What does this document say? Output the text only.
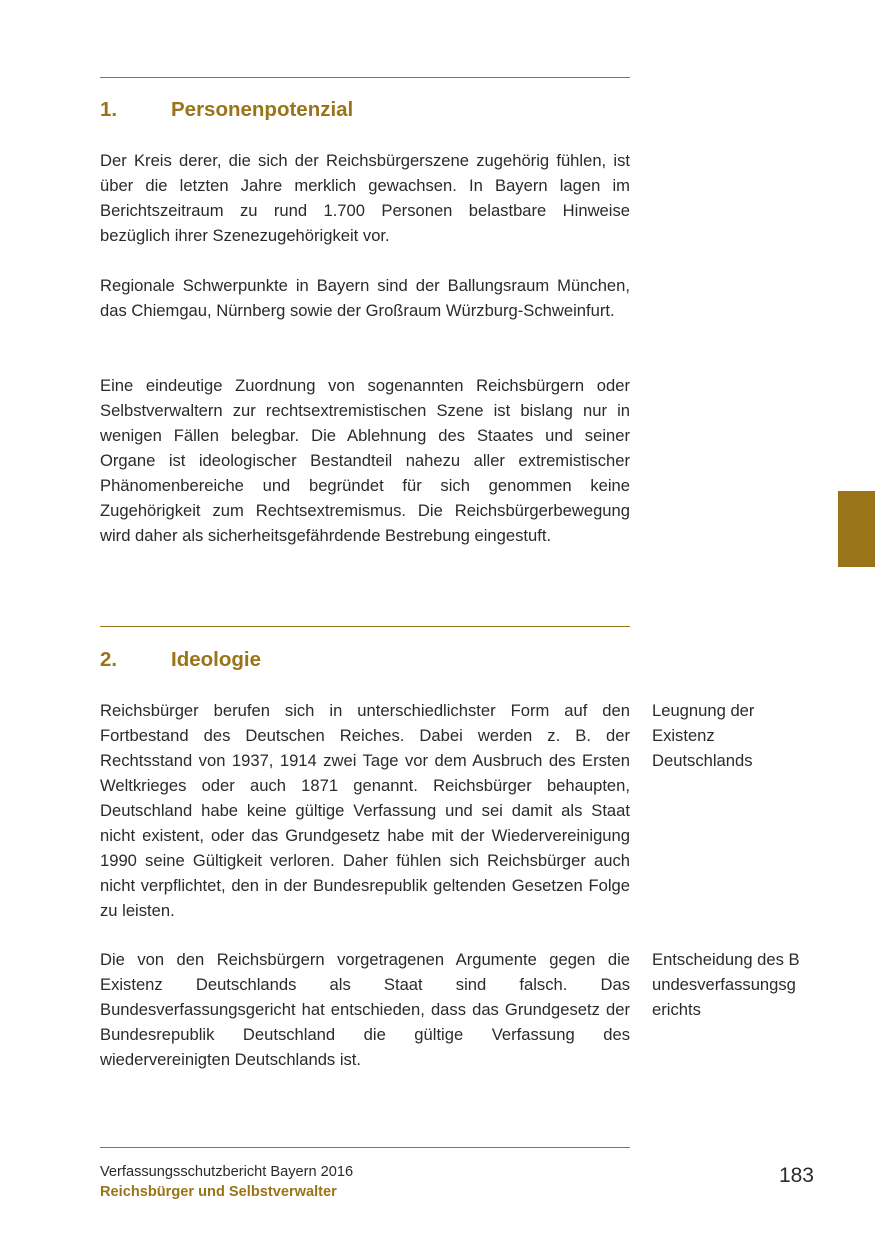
1.	Personenpotenzial

Der Kreis derer, die sich der Reichsbürgerszene zugehörig fühlen, ist über die letzten Jahre merklich gewachsen. In Bayern lagen im Berichtszeitraum zu rund 1.700 Personen belastbare Hinweise bezüglich ihrer Szenezugehörigkeit vor.

Regionale Schwerpunkte in Bayern sind der Ballungsraum München, das Chiemgau, Nürnberg sowie der Großraum Würzburg-Schweinfurt.

Eine eindeutige Zuordnung von sogenannten Reichsbürgern oder Selbstverwaltern zur rechtsextremistischen Szene ist bislang nur in wenigen Fällen belegbar. Die Ablehnung des Staates und seiner Organe ist ideologischer Bestandteil nahezu aller extremistischer Phänomenbereiche und begründet für sich genommen keine Zugehörigkeit zum Rechtsextremismus. Die Reichsbürgerbewegung wird daher als sicherheitsgefährdende Bestrebung eingestuft.

2.	Ideologie

Reichsbürger berufen sich in unterschiedlichster Form auf den Fortbestand des Deutschen Reiches. Dabei werden z. B. der Rechtsstand von 1937, 1914 zwei Tage vor dem Ausbruch des Ersten Weltkrieges oder auch 1871 genannt. Reichsbürger behaupten, Deutschland habe keine gültige Verfassung und sei damit als Staat nicht existent, oder das Grundgesetz habe mit der Wiedervereinigung 1990 seine Gültigkeit verloren. Daher fühlen sich Reichsbürger auch nicht verpflichtet, den in der Bundesrepublik geltenden Gesetzen Folge zu leisten.

Leugnung der Existenz Deutschlands

Die von den Reichsbürgern vorgetragenen Argumente gegen die Existenz Deutschlands als Staat sind falsch. Das Bundesverfassungsgericht hat entschieden, dass das Grundgesetz der Bundesrepublik Deutschland die gültige Verfassung des wiedervereinigten Deutschlands ist.

Entscheidung des Bundesverfassungsgerichts

Verfassungsschutzbericht Bayern 2016
Reichsbürger und Selbstverwalter
183
